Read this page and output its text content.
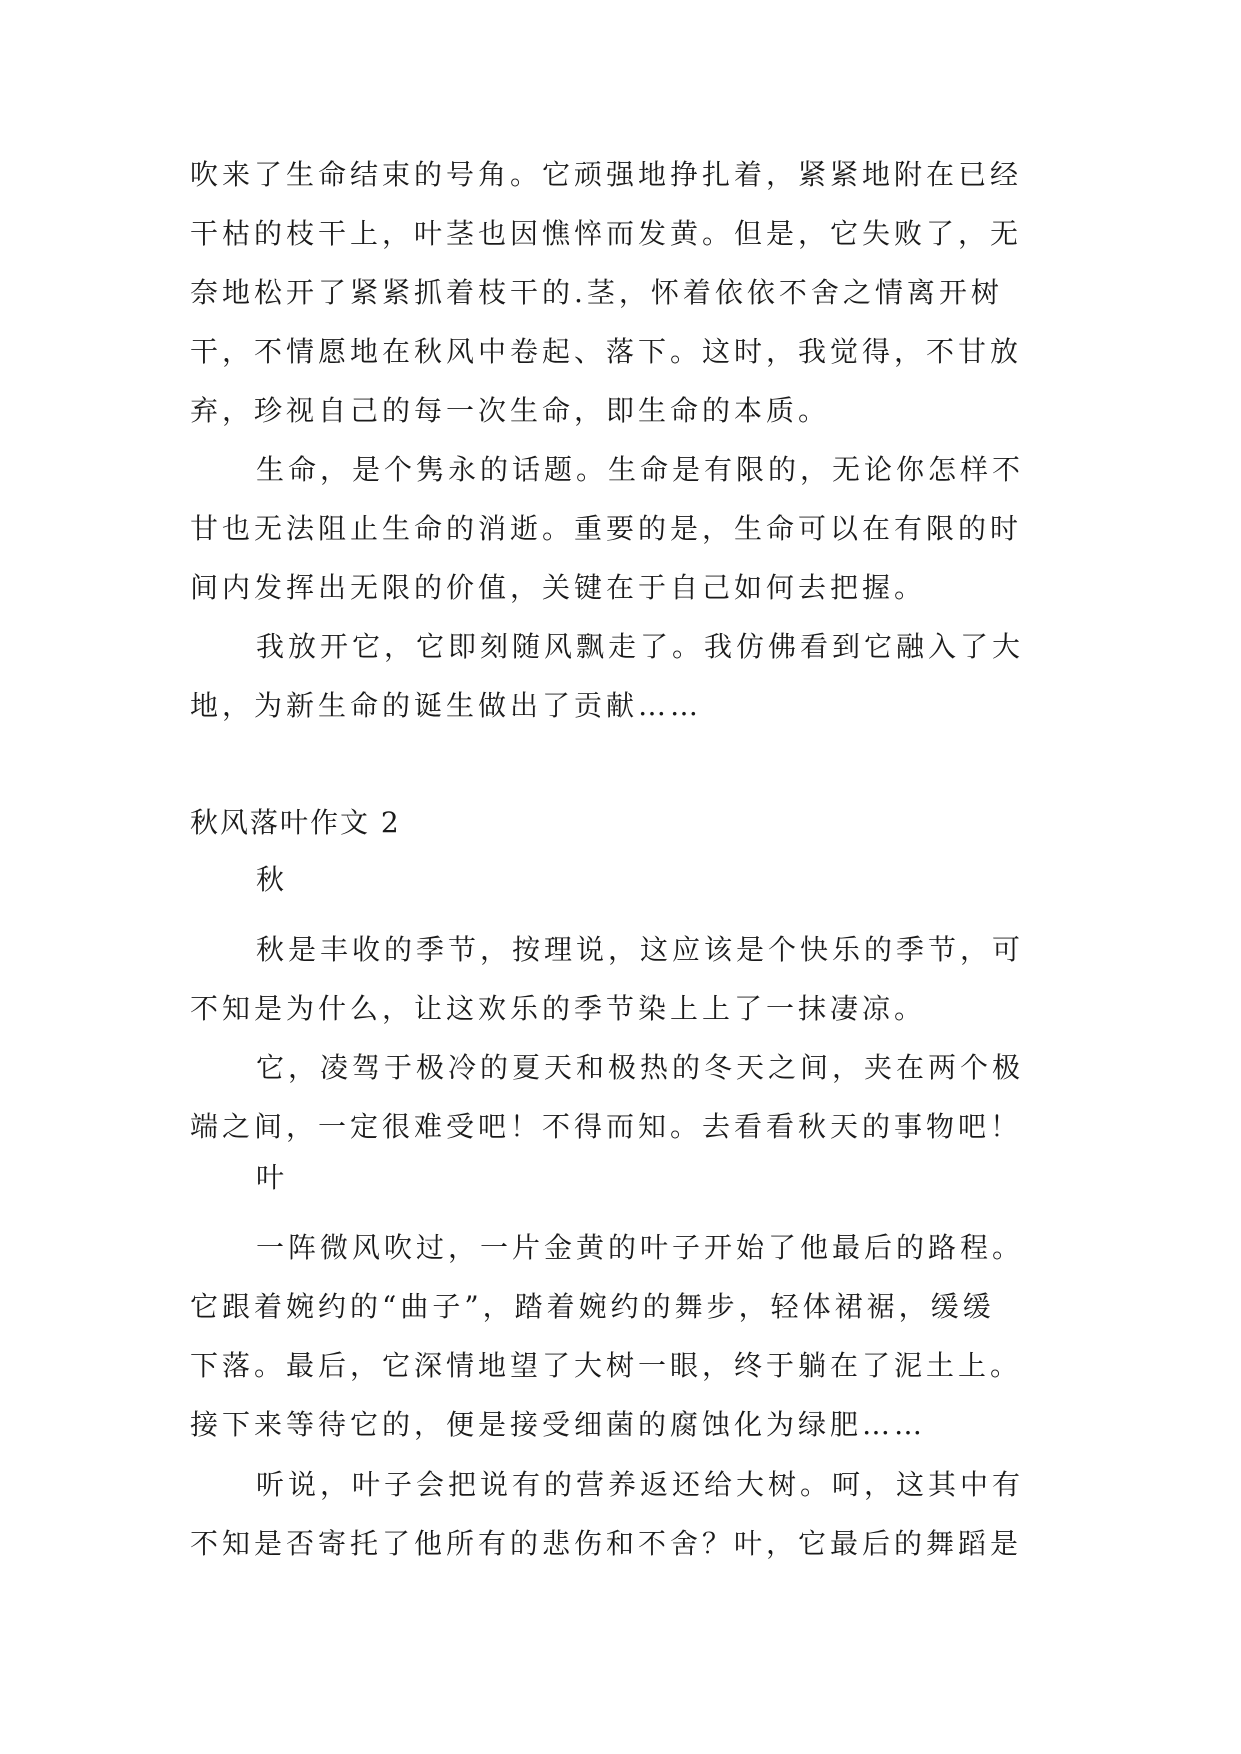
吹来了生命结束的号角。它顽强地挣扎着，紧紧地附在已经
干枯的枝干上，叶茎也因憔悴而发黄。但是，它失败了，无
奈地松开了紧紧抓着枝干的.茎，怀着依依不舍之情离开树
干，不情愿地在秋风中卷起、落下。这时，我觉得，不甘放
弃，珍视自己的每一次生命，即生命的本质。

生命，是个隽永的话题。生命是有限的，无论你怎样不
甘也无法阻止生命的消逝。重要的是，生命可以在有限的时
间内发挥出无限的价值，关键在于自己如何去把握。

我放开它，它即刻随风飘走了。我仿佛看到它融入了大
地，为新生命的诞生做出了贡献……

秋风落叶作文 2

秋

秋是丰收的季节，按理说，这应该是个快乐的季节，可
不知是为什么，让这欢乐的季节染上上了一抹凄凉。

它，凌驾于极冷的夏天和极热的冬天之间，夹在两个极
端之间，一定很难受吧！不得而知。去看看秋天的事物吧！

叶

一阵微风吹过，一片金黄的叶子开始了他最后的路程。
它跟着婉约的“曲子”，踏着婉约的舞步，轻体裙裾，缓缓
下落。最后，它深情地望了大树一眼，终于躺在了泥土上。
接下来等待它的，便是接受细菌的腐蚀化为绿肥……

听说，叶子会把说有的营养返还给大树。呵，这其中有
不知是否寄托了他所有的悲伤和不舍？叶，它最后的舞蹈是
